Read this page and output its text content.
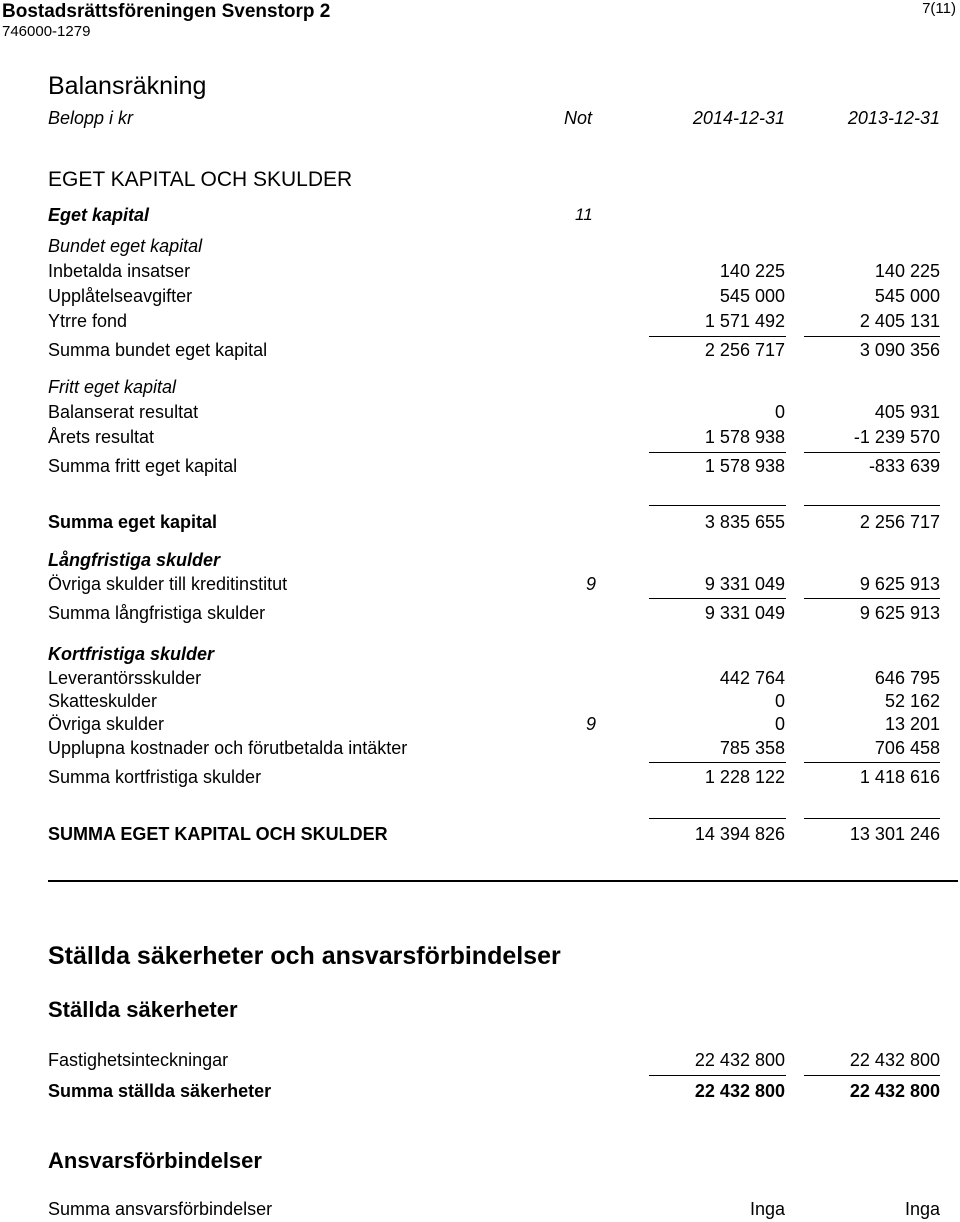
Bostadsrättsföreningen Svenstorp 2
746000-1279
7(11)
Balansräkning
Belopp i kr	Not	2014-12-31	2013-12-31
EGET KAPITAL OCH SKULDER
Eget kapital	11
Bundet eget kapital
Inbetalda insatser	140 225	140 225
Upplåtelseavgifter	545 000	545 000
Ytrre fond	1 571 492	2 405 131
Summa bundet eget kapital	2 256 717	3 090 356
Fritt eget kapital
Balanserat resultat	0	405 931
Årets resultat	1 578 938	-1 239 570
Summa fritt eget kapital	1 578 938	-833 639
Summa eget kapital	3 835 655	2 256 717
Långfristiga skulder
Övriga skulder till kreditinstitut	9	9 331 049	9 625 913
Summa långfristiga skulder	9 331 049	9 625 913
Kortfristiga skulder
Leverantörsskulder	442 764	646 795
Skatteskulder	0	52 162
Övriga skulder	9	0	13 201
Upplupna kostnader och förutbetalda intäkter	785 358	706 458
Summa kortfristiga skulder	1 228 122	1 418 616
SUMMA EGET KAPITAL OCH SKULDER	14 394 826	13 301 246
Ställda säkerheter och ansvarsförbindelser
Ställda säkerheter
Fastighetsinteckningar	22 432 800	22 432 800
Summa ställda säkerheter	22 432 800	22 432 800
Ansvarsförbindelser
Summa ansvarsförbindelser	Inga	Inga
